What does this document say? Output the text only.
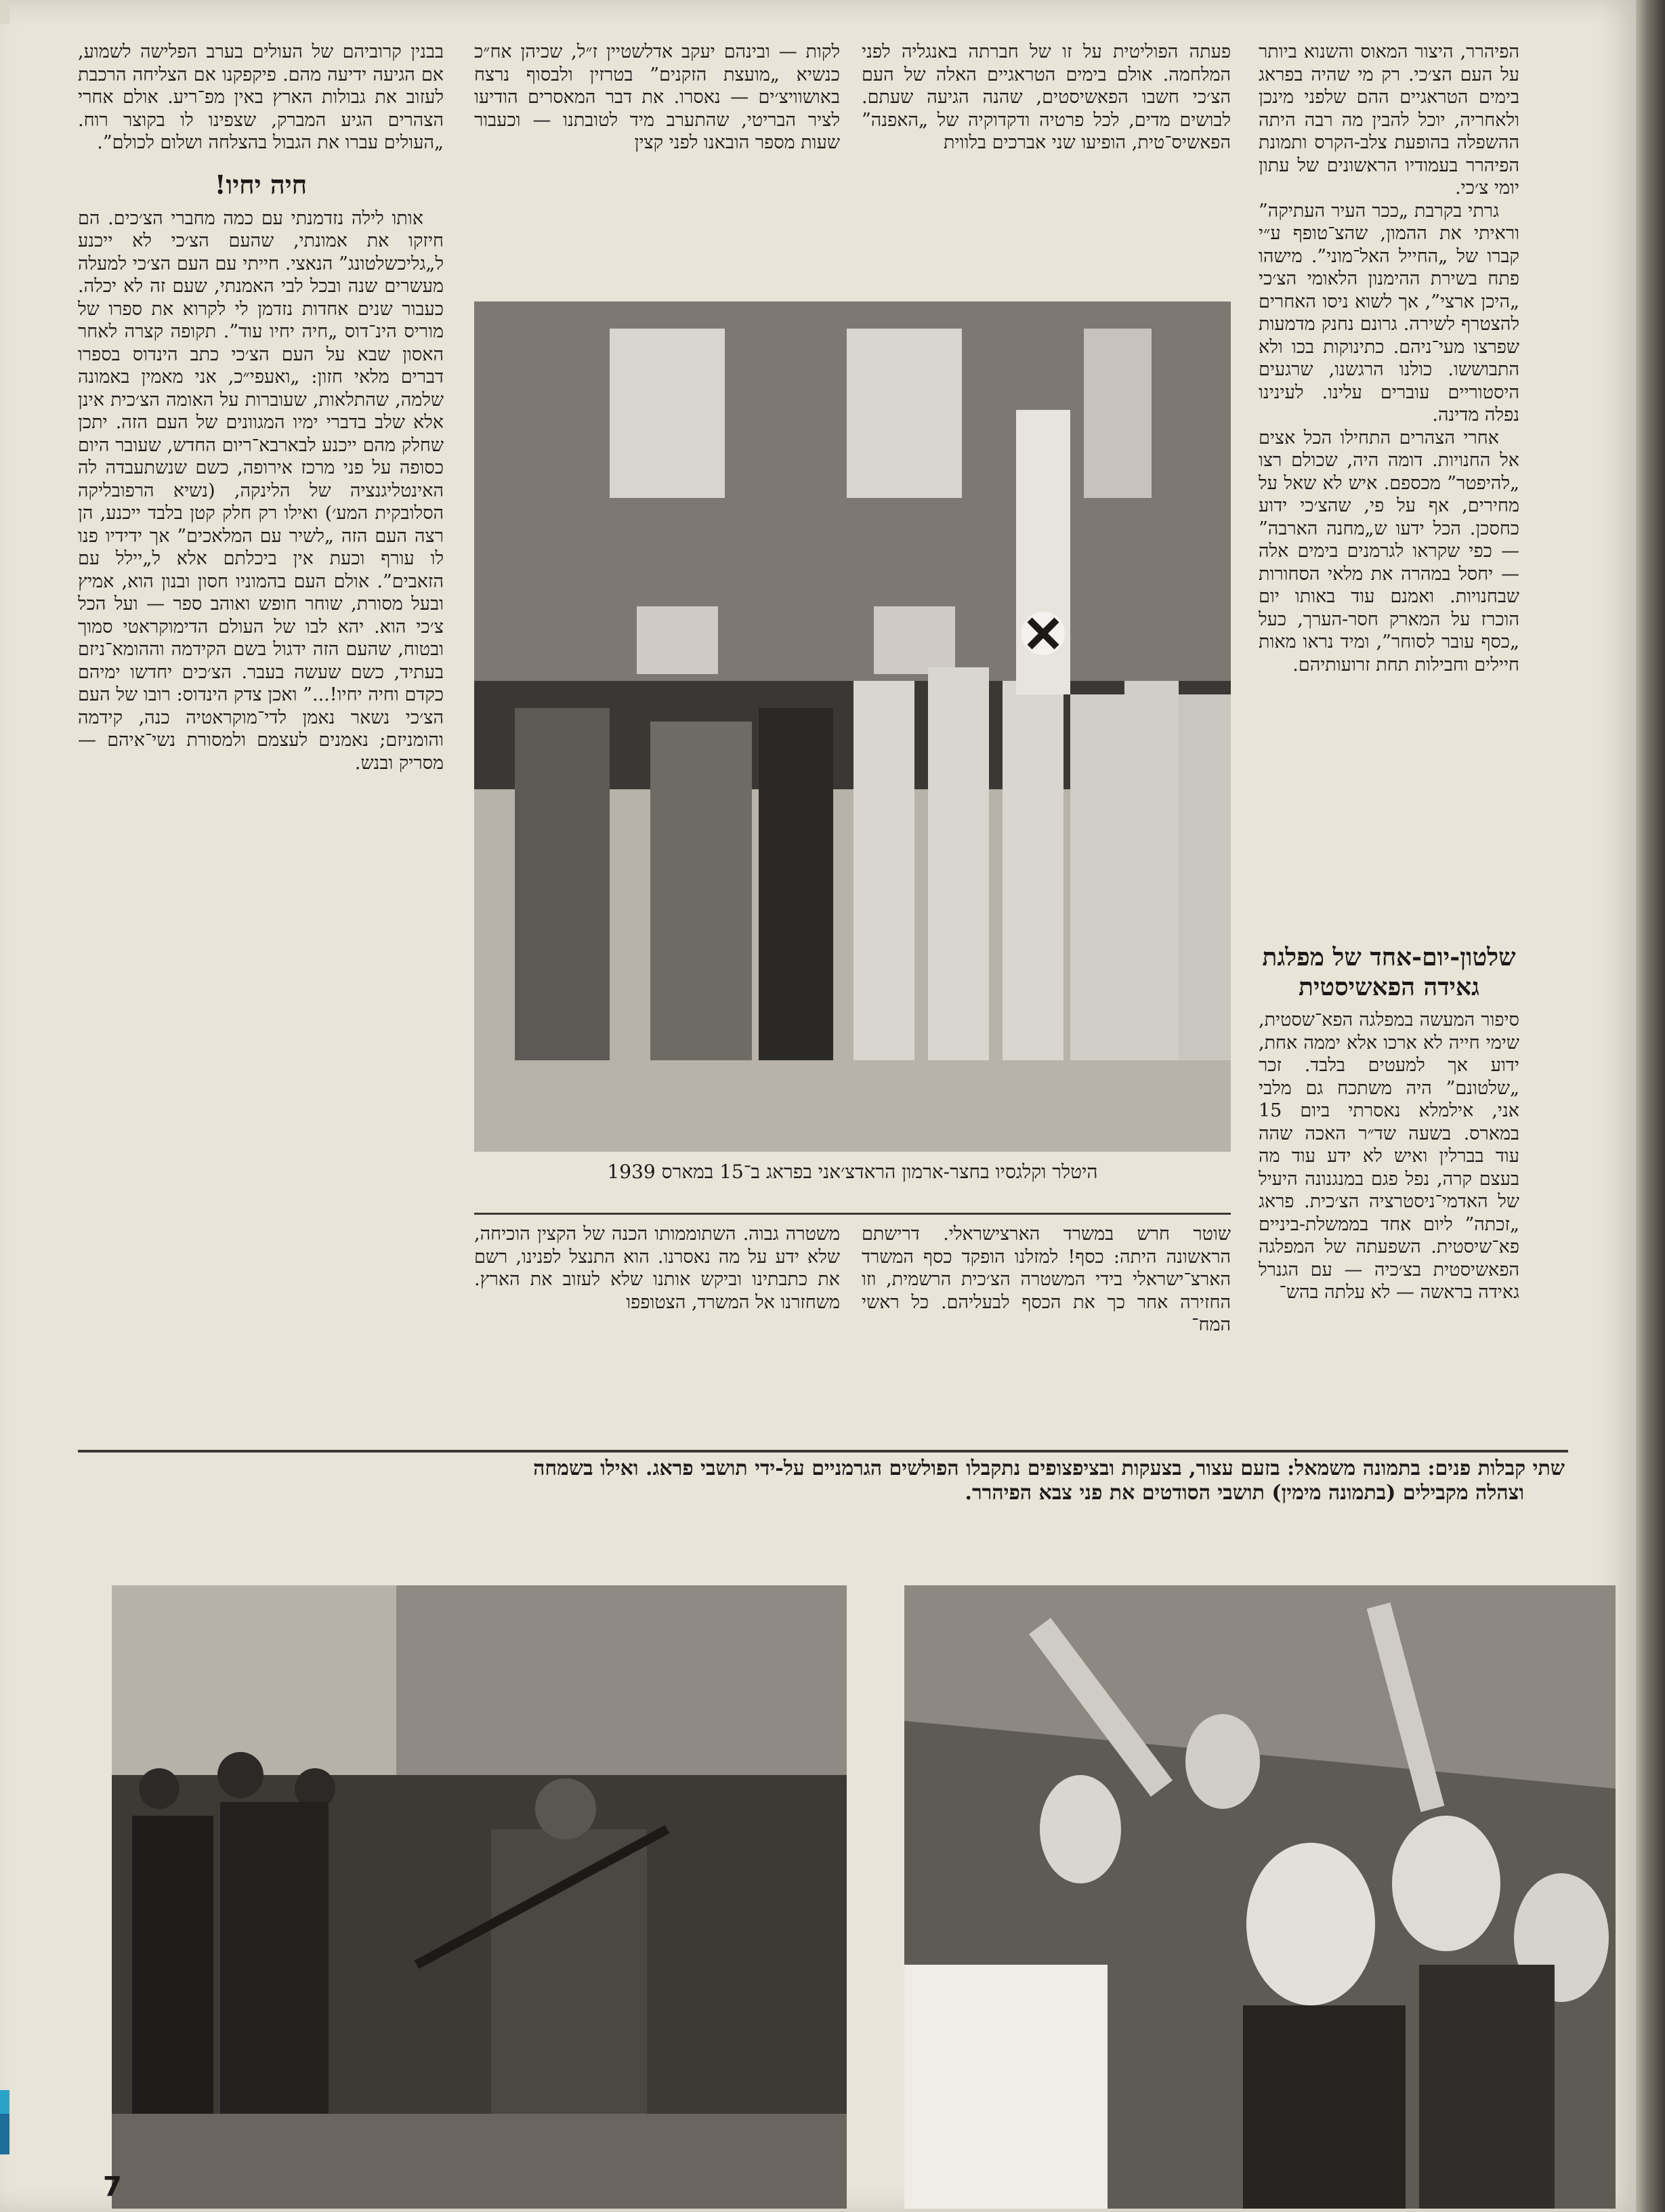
הפיהרר, היצור המאוס והשנוא ביותר על העם הצ׳כי. רק מי שהיה בפראג בימים הטראגיים ההם שלפני מינכן ולאחריה, יוכל להבין מה רבה היתה ההשפלה בהופעת צלב-הקרס ותמונת הפיהרר בעמודיו הראשונים של עתון יומי צ׳כי.

גרתי בקרבת „ככר העיר העתיקה” וראיתי את ההמון, שהצ־טופף ע״י קברו של „החייל האל־מוני”. מישהו פתח בשירת ההימנון הלאומי הצ׳כי „היכן ארצי”, אך לשוא ניסו האחרים להצטרף לשירה. גרונם נחנק מדמעות שפרצו מעי־ניהם. כתינוקות בכו ולא התבוששו. כולנו הרגשנו, שרגעים היסטוריים עוברים עלינו. לעינינו נפלה מדינה.

אחרי הצהרים התחילו הכל אצים אל החנויות. דומה היה, שכולם רצו „להיפטר” מכספם. איש לא שאל על מחירים, אף על פי, שהצ׳כי ידוע כחסכן. הכל ידעו ש„מחנה הארבה” — כפי שקראו לגרמנים בימים אלה — יחסל במהרה את מלאי הסחורות שבחנויות. ואמנם עוד באותו יום הוכרז על המארק חסר-הערך, כעל „כסף עובר לסוחר”, ומיד נראו מאות חיילים וחבילות תחת זרועותיהם.

שלטון-יום-אחד של מפלגת גאידה הפאשיסטית

סיפור המעשה במפלגה הפא־שסטית, שימי חייה לא ארכו אלא יממה אחת, ידוע אך למעטים בלבד. זכר „שלטונם” היה משתכח גם מלבי אני, אילמלא נאסרתי ביום 15 במארס. בשעה שד״ר האכה שהה עוד בברלין ואיש לא ידע עוד מה בעצם קרה, נפל פגם במנגנונה היעיל של האדמי־ניסטרציה הצ׳כית. פראג „זכתה” ליום אחד בממשלת-ביניים פא־שיסטית. השפעתה של המפלגה הפאשיסטית בצ׳כיה — עם הגנרל גאידה בראשה — לא עלתה בהש־

פעתה הפוליטית על זו של חברתה באנגליה לפני המלחמה. אולם בימים הטראגיים האלה של העם הצ׳כי חשבו הפאשיסטים, שהנה הגיעה שעתם. לבושים מדים, לכל פרטיה ודקדוקיה של „האפנה” הפאשיס־טית, הופיעו שני אברכים בלווית

לקות — ובינהם יעקב אדלשטיין ז״ל, שכיהן אח״כ כנשיא „מועצת הזקנים” בטרזין ולבסוף נרצח באושוויצ׳ים — נאסרו. את דבר המאסרים הודיעו לציר הבריטי, שהתערב מיד לטובתנו — וכעבור שעות מספר הובאנו לפני קצין

בבנין קרוביהם של העולים בערב הפלישה לשמוע, אם הגיעה ידיעה מהם. פיקפקנו אם הצליחה הרכבת לעזוב את גבולות הארץ באין מפ־ריע. אולם אחרי הצהרים הגיע המברק, שצפינו לו בקוצר רוח. „העולים עברו את הגבול בהצלחה ושלום לכולם”.

חיה יחיו!

אותו לילה נזדמנתי עם כמה מחברי הצ׳כים. הם חיזקו את אמונתי, שהעם הצ׳כי לא ייכנע ל„גליכשלטונג” הנאצי. חייתי עם העם הצ׳כי למעלה מעשרים שנה ובכל לבי האמנתי, שעם זה לא יכלה. כעבור שנים אחדות נזדמן לי לקרוא את ספרו של מוריס הינ־דוס „חיה יחיו עוד”. תקופה קצרה לאחר האסון שבא על העם הצ׳כי כתב הינדוס בספרו דברים מלאי חזון: „ואעפי״כ, אני מאמין באמונה שלמה, שהתלאות, שעוברות על האומה הצ׳כית אינן אלא שלב בדברי ימיו המגוונים של העם הזה. יתכן שחלק מהם ייכנע לבארבא־ריום החדש, שעובר היום כסופה על פני מרכז אירופה, כשם שנשתעבדה לה האינטליגנציה של הלינקה, (נשיא הרפובליקה הסלובקית המע׳) ואילו רק חלק קטן בלבד ייכנע, הן רצה העם הזה „לשיר עם המלאכים” אך ידידיו פנו לו עורף וכעת אין ביכלתם אלא ל„יילל עם הזאבים”. אולם העם בהמוניו חסון ובנון הוא, אמיץ ובעל מסורת, שוחר חופש ואוהב ספר — ועל הכל צ׳כי הוא. יהא לבו של העולם הדימוקראטי סמוך ובטוח, שהעם הזה ידגול בשם הקידמה וההומא־ניזם בעתיד, כשם שעשה בעבר. הצ׳כים יחדשו ימיהם כקדם וחיה יחיו!...” ואכן צדק הינדוס: רובו של העם הצ׳כי נשאר נאמן לדי־מוקראטיה כנה, קידמה והומניזם; נאמנים לעצמם ולמסורת נשי־איהם — מסריק ובנש.

היטלר וקלגסיו בחצר-ארמון הראדצ׳אני בפראג ב־15 במארס 1939

שוטר חרש במשרד הארצישראלי. דרישתם הראשונה היתה: כסף! למזלנו הופקד כסף המשרד הארצ־ישראלי בידי המשטרה הצ׳כית הרשמית, וזו החזירה אחר כך את הכסף לבעליהם. כל ראשי המח־

משטרה גבוה. השתוממותו הכנה של הקצין הוכיחה, שלא ידע על מה נאסרנו. הוא התנצל לפנינו, רשם את כתבתינו וביקש אותנו שלא לעזוב את הארץ. משחזרנו אל המשרד, הצטופפו

שתי קבלות פנים: בתמונה משמאל: בזעם עצור, בצעקות ובציפצופים נתקבלו הפולשים הגרמניים על-ידי תושבי פראג. ואילו בשמחה
וצהלה מקבילים (בתמונה מימין) תושבי הסודטים את פני צבא הפיהרר.
7
